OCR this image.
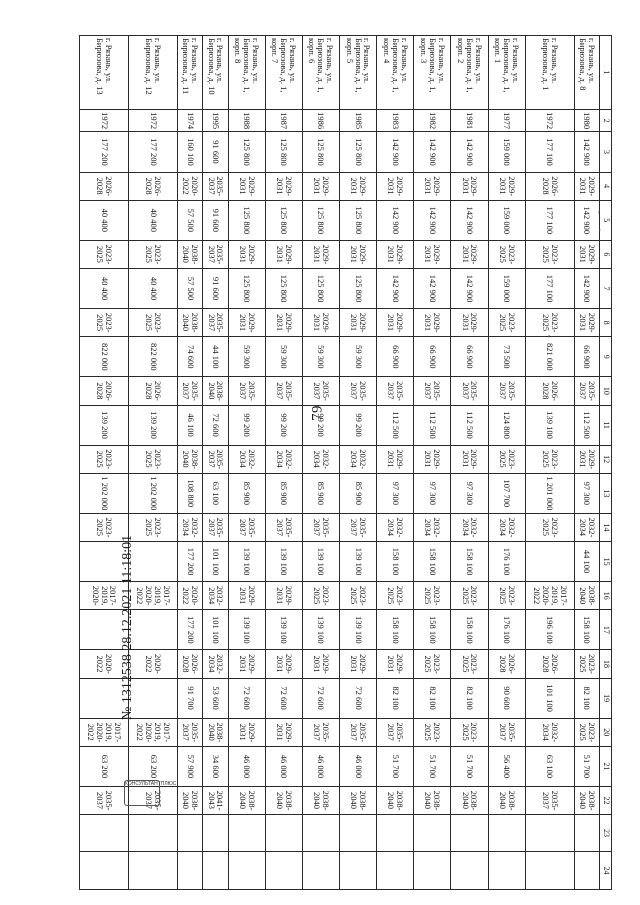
79
1	2	3	4	5	6	7	8	9	10	11	12	13	14	15	16	17	18	19	20	21	22	23	24
г. Рязань, ул. Бирюзова, д. 8	1980	142 900	2029-2031	142 900	2029-2031	142 900	2029-2031	66 900	2035-2037	112 500	2029-2031	97 300	2032-2034	44 100	2038-2040	158 100	2023-2025	82 100	2023-2025	51 700	2038-2040		
г. Рязань, ул. Бирюзова, д. 1	1972	177 100	2026-2028	177 100	2023-2025	177 100	2023-2025	821 000	2026-2028	139 100	2023-2025	1 201 000	2023-2025		2017-2019, 2020-2022	196 100	2026-2028	101 100	2032-2034	63 100	2035-2037		
г. Рязань, ул. Бирюзова, д. 1, корп. 1	1977	159 000	2029-2031	159 000	2023-2025	159 000	2023-2025	73 500	2035-2037	124 800	2023-2025	107 700	2032-2034	176 100	2023-2025	176 100	2026-2028	90 600	2035-2037	56 400	2038-2040		
г. Рязань, ул. Бирюзова, д. 1, корп. 2	1981	142 900	2029-2031	142 900	2029-2031	142 900	2029-2031	66 900	2035-2037	112 500	2029-2031	97 300	2032-2034	158 100	2023-2025	158 100	2023-2025	82 100	2023-2025	51 700	2038-2040		
г. Рязань, ул. Бирюзова, д. 1, корп. 3	1982	142 900	2029-2031	142 900	2029-2031	142 900	2029-2031	66 900	2035-2037	112 500	2029-2031	97 300	2032-2034	158 100	2023-2025	158 100	2023-2025	82 100	2023-2025	51 700	2038-2040		
г. Рязань, ул. Бирюзова, д. 1, корп. 4	1983	142 900	2029-2031	142 900	2029-2031	142 900	2029-2031	66 900	2035-2037	112 500	2029-2031	97 300	2032-2034	158 100	2023-2025	158 100	2029-2031	82 100	2035-2037	51 700	2038-2040		
г. Рязань, ул. Бирюзова, д. 1, корп. 5	1985	125 800	2029-2031	125 800	2029-2031	125 800	2029-2031	59 300	2035-2037	99 200	2032-2034	85 900	2035-2037	139 100	2023-2025	139 100	2029-2031	72 600	2035-2037	46 000	2038-2040		
г. Рязань, ул. Бирюзова, д. 1, корп. 6	1986	125 800	2029-2031	125 800	2029-2031	125 800	2029-2031	59 300	2035-2037	99 200	2032-2034	85 900	2035-2037	139 100	2023-2025	139 100	2029-2031	72 600	2035-2037	46 000	2038-2040		
г. Рязань, ул. Бирюзова, д. 1, корп. 7	1987	125 800	2029-2031	125 800	2029-2031	125 800	2029-2031	59 300	2035-2037	99 200	2032-2034	85 900	2035-2037	139 100	2029-2031	139 100	2029-2031	72 600	2029-2031	46 000	2038-2040		
г. Рязань, ул. Бирюзова, д. 1, корп. 8	1988	125 800	2029-2031	125 800	2029-2031	125 800	2029-2031	59 300	2035-2037	99 200	2032-2034	85 900	2035-2037	139 100	2029-2031	139 100	2029-2031	72 600	2029-2031	46 000	2038-2040		
г. Рязань, ул. Бирюзова, д. 10	1995	91 600	2035-2037	91 600	2035-2037	91 600	2035-2037	44 100	2038-2040	72 600	2035-2037	63 100	2035-2037	101 100	2032-2034	101 100	2032-2034	53 600	2038-2040	34 600	2041-2043		
г. Рязань, ул. Бирюзова, д. 11	1974	160 100	2020-2022	57 500	2038-2040	57 500	2038-2040	74 600	2035-2037	46 100	2038-2040	108 800	2032-2034	177 200	2020-2022	177 200	2026-2028	91 700	2035-2037	57 900	2038-2040		
г. Рязань, ул. Бирюзова, д. 12	1972	177 200	2026-2028	40 400	2023-2025	40 400	2023-2025	822 000	2026-2028	139 200	2023-2025	1 202 000	2023-2025		2017-2019, 2020-2022		2020-2022		2017-2019, 2020-2022	63 200	2035-2037		
г. Рязань, ул. Бирюзова, д. 13	1972	177 200	2026-2028	40 400	2023-2025	40 400	2023-2025	822 000	2026-2028	139 200	2023-2025	1 202 000	2023-2025		2017-2019, 2020-		2020-2022		2017-2019, 2020-2022	63 200	2035-2037		
№ 1312538 28.12.2021 11:18:01
КОНСУЛЬТАНТПЛЮС
ʹ
ʼ
ʹ
